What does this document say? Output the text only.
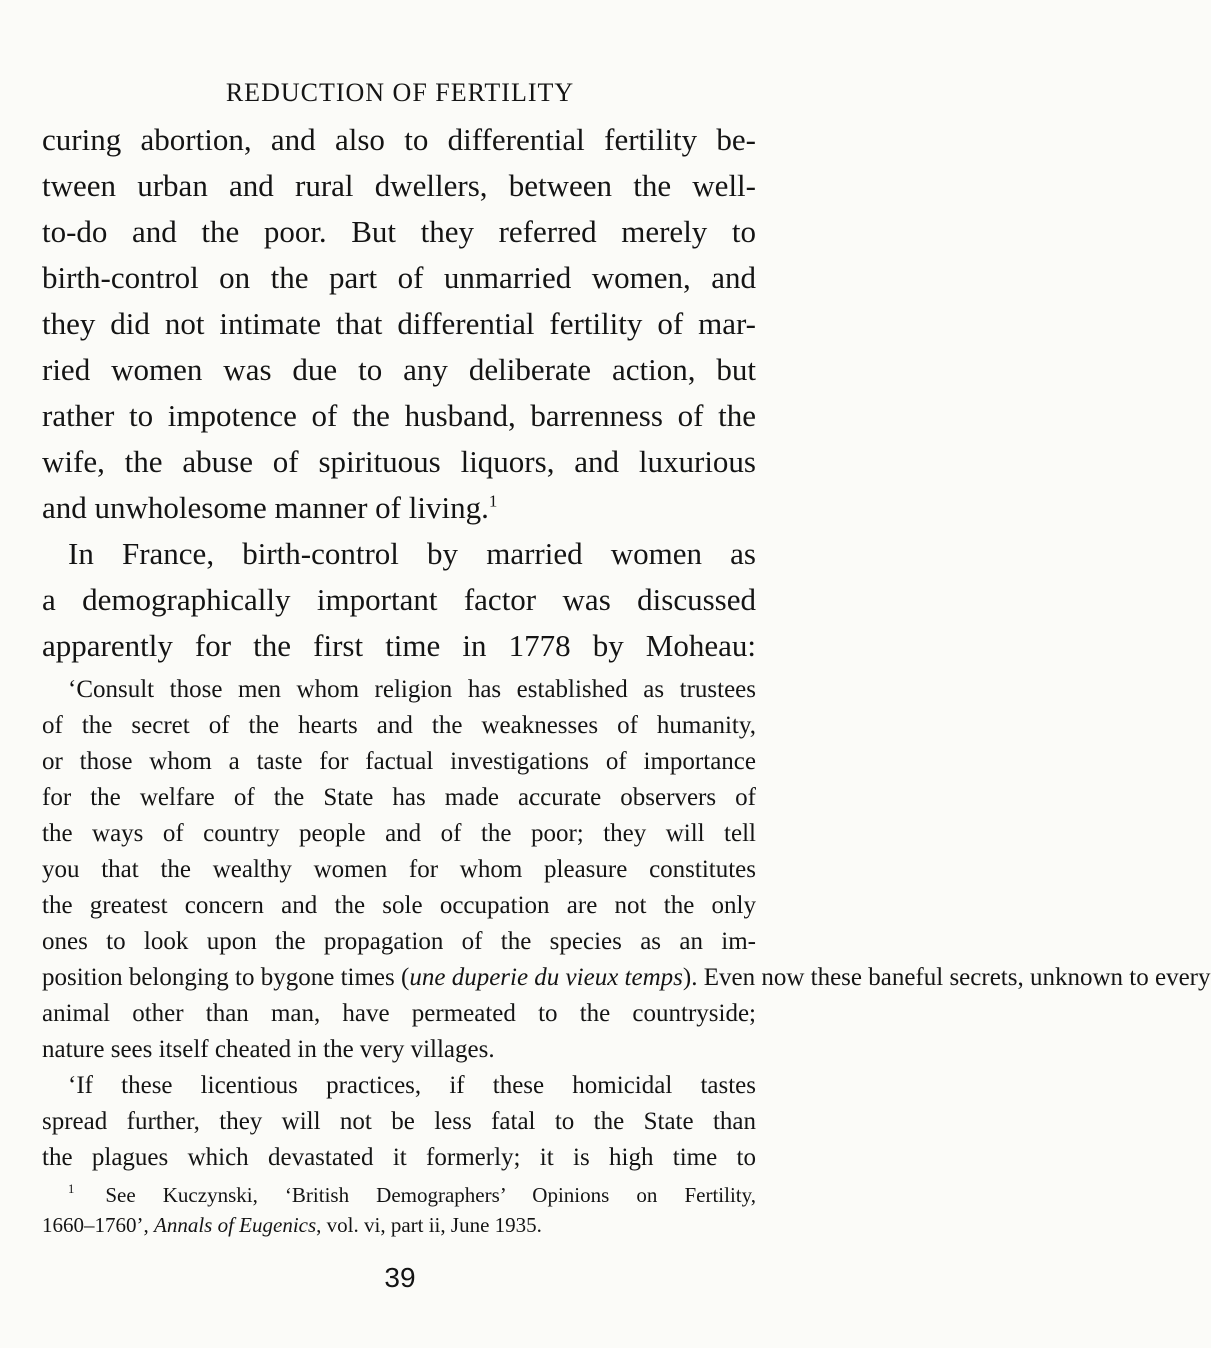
REDUCTION OF FERTILITY
curing abortion, and also to differential fertility be-
tween urban and rural dwellers, between the well-
to-do and the poor. But they referred merely to
birth-control on the part of unmarried women, and
they did not intimate that differential fertility of mar-
ried women was due to any deliberate action, but
rather to impotence of the husband, barrenness of the
wife, the abuse of spirituous liquors, and luxurious
and unwholesome manner of living.$^1$
In France, birth-control by married women as
a demographically important factor was discussed
apparently for the first time in 1778 by Moheau:
‘Consult those men whom religion has established as trustees
of the secret of the hearts and the weaknesses of humanity,
or those whom a taste for factual investigations of importance
for the welfare of the State has made accurate observers of
the ways of country people and of the poor; they will tell
you that the wealthy women for whom pleasure constitutes
the greatest concern and the sole occupation are not the only
ones to look upon the propagation of the species as an im-
position belonging to bygone times (une duperie du vieux temps). Even now these baneful secrets, unknown to every
animal other than man, have permeated to the countryside;
nature sees itself cheated in the very villages.
‘If these licentious practices, if these homicidal tastes
spread further, they will not be less fatal to the State than
the plagues which devastated it formerly; it is high time to
$^1$ See Kuczynski, ‘British Demographers’ Opinions on Fertility,
1660–1760’, Annals of Eugenics, vol. vi, part ii, June 1935.
39
